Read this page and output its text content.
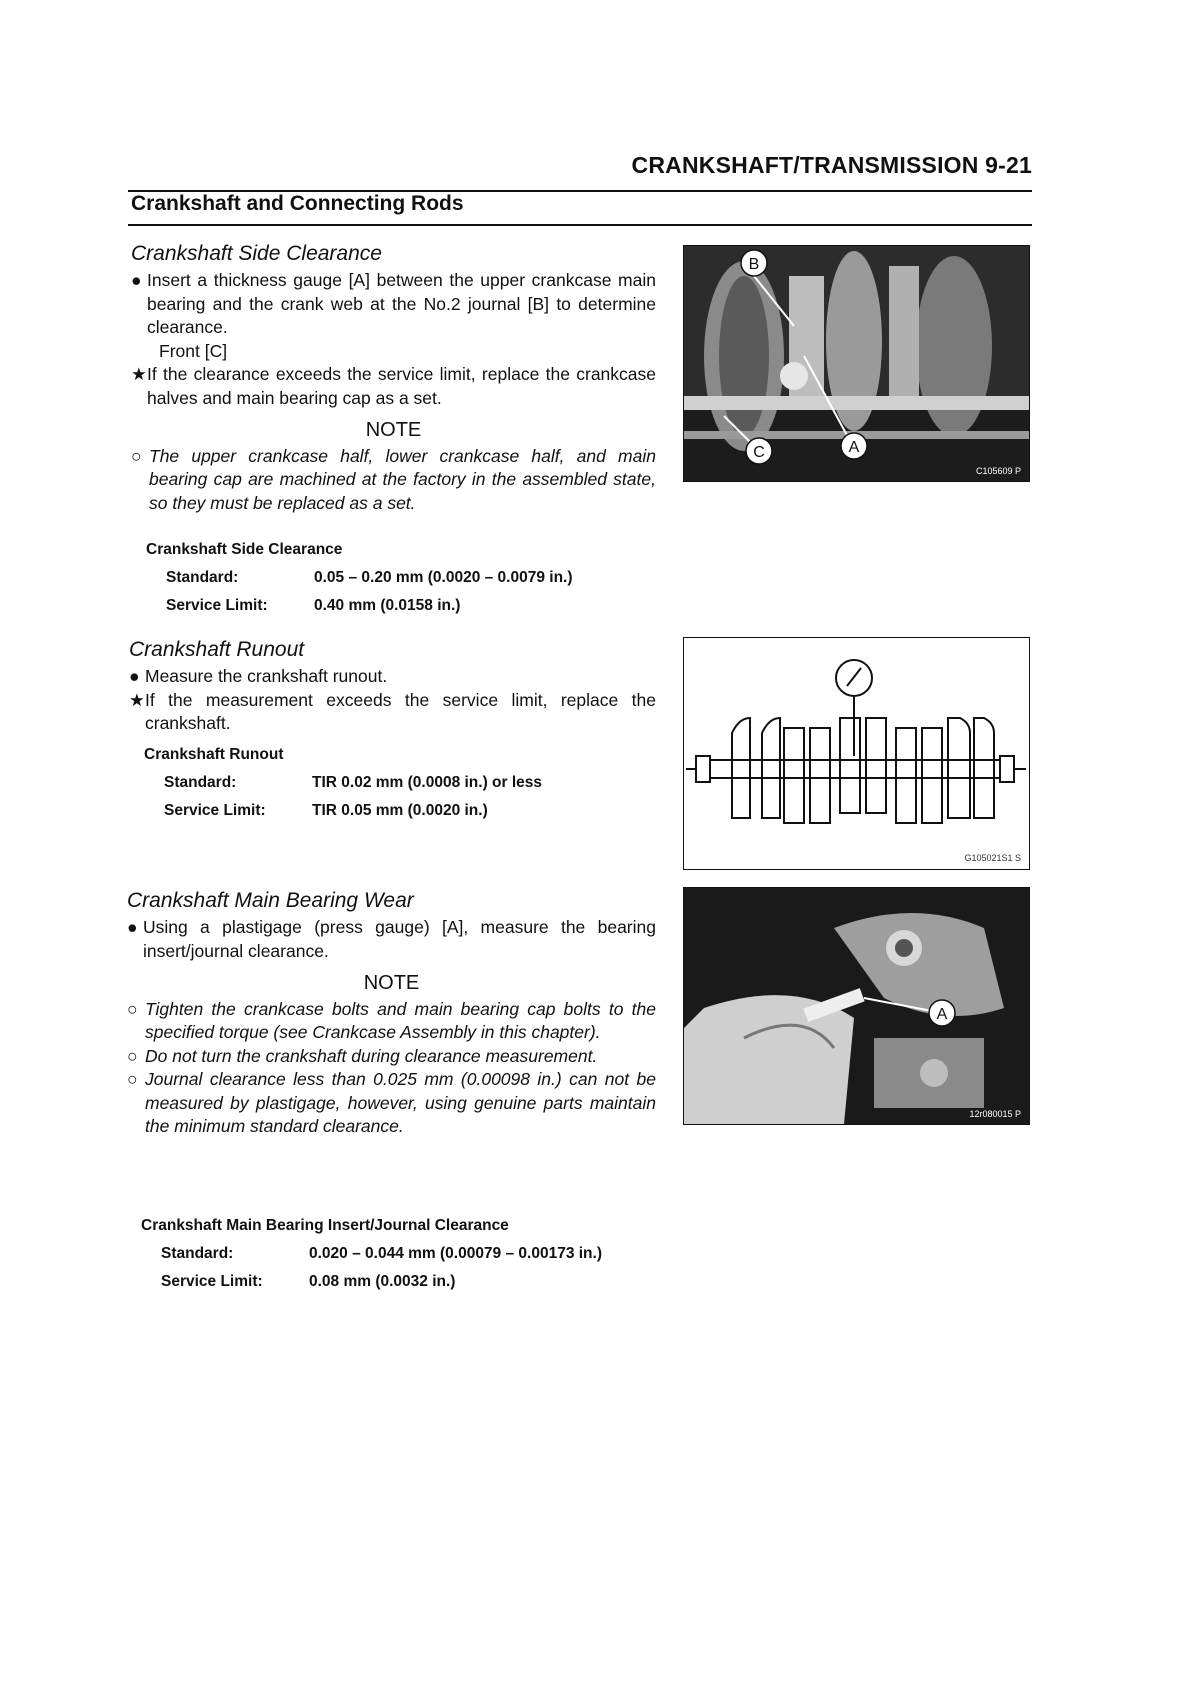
CRANKSHAFT/TRANSMISSION 9-21
Crankshaft and Connecting Rods
Crankshaft Side Clearance
● Insert a thickness gauge [A] between the upper crankcase main bearing and the crank web at the No.2 journal [B] to determine clearance.
Front [C]
★ If the clearance exceeds the service limit, replace the crankcase halves and main bearing cap as a set.
NOTE
○ The upper crankcase half, lower crankcase half, and main bearing cap are machined at the factory in the assembled state, so they must be replaced as a set.
Crankshaft Side Clearance
Standard:	0.05 – 0.20 mm (0.0020 – 0.0079 in.)
Service Limit:	0.40 mm (0.0158 in.)
B
A
C
C105609 P
Crankshaft Runout
● Measure the crankshaft runout.
★ If the measurement exceeds the service limit, replace the crankshaft.
Crankshaft Runout
Standard:	TIR 0.02 mm (0.0008 in.) or less
Service Limit:	TIR 0.05 mm (0.0020 in.)
G105021S1 S
Crankshaft Main Bearing Wear
● Using a plastigage (press gauge) [A], measure the bearing insert/journal clearance.
NOTE
○ Tighten the crankcase bolts and main bearing cap bolts to the specified torque (see Crankcase Assembly in this chapter).
○ Do not turn the crankshaft during clearance measurement.
○ Journal clearance less than 0.025 mm (0.00098 in.) can not be measured by plastigage, however, using genuine parts maintain the minimum standard clearance.
Crankshaft Main Bearing Insert/Journal Clearance
Standard:	0.020 – 0.044 mm (0.00079 – 0.00173 in.)
Service Limit:	0.08 mm (0.0032 in.)
A
12r080015 P
